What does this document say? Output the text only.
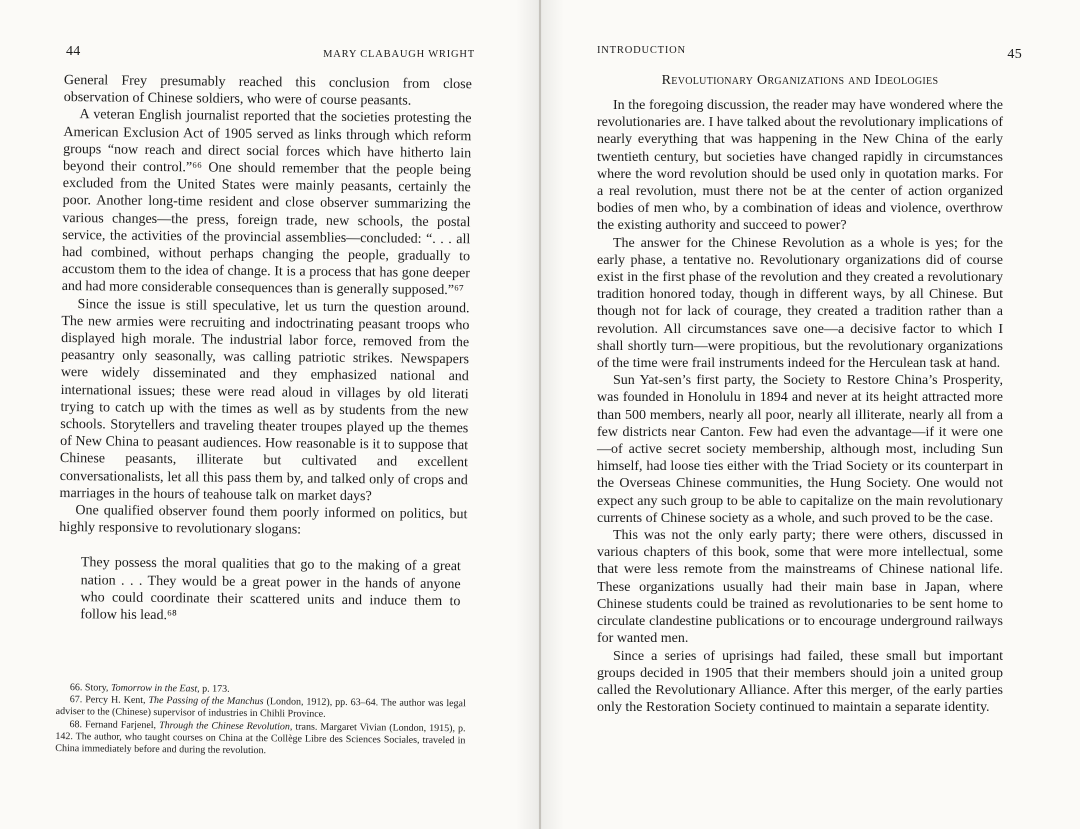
44	MARY CLABAUGH WRIGHT

General Frey presumably reached this conclusion from close observation of Chinese soldiers, who were of course peasants.

A veteran English journalist reported that the societies protesting the American Exclusion Act of 1905 served as links through which reform groups “now reach and direct social forces which have hitherto lain beyond their control.”⁶⁶ One should remember that the people being excluded from the United States were mainly peasants, certainly the poor. Another long-time resident and close observer summarizing the various changes—the press, foreign trade, new schools, the postal service, the activities of the provincial assemblies—concluded: “. . . all had combined, without perhaps changing the people, gradually to accustom them to the idea of change. It is a process that has gone deeper and had more considerable consequences than is generally supposed.”⁶⁷

Since the issue is still speculative, let us turn the question around. The new armies were recruiting and indoctrinating peasant troops who displayed high morale. The industrial labor force, removed from the peasantry only seasonally, was calling patriotic strikes. Newspapers were widely disseminated and they emphasized national and international issues; these were read aloud in villages by old literati trying to catch up with the times as well as by students from the new schools. Storytellers and traveling theater troupes played up the themes of New China to peasant audiences. How reasonable is it to suppose that Chinese peasants, illiterate but cultivated and excellent conversationalists, let all this pass them by, and talked only of crops and marriages in the hours of teahouse talk on market days?

One qualified observer found them poorly informed on politics, but highly responsive to revolutionary slogans:

They possess the moral qualities that go to the making of a great nation . . . They would be a great power in the hands of anyone who could coordinate their scattered units and induce them to follow his lead.⁶⁸

66. Story, Tomorrow in the East, p. 173.

67. Percy H. Kent, The Passing of the Manchus (London, 1912), pp. 63–64. The author was legal adviser to the (Chinese) supervisor of industries in Chihli Province.

68. Fernand Farjenel, Through the Chinese Revolution, trans. Margaret Vivian (London, 1915), p. 142. The author, who taught courses on China at the Collège Libre des Sciences Sociales, traveled in China immediately before and during the revolution.

INTRODUCTION	45
Revolutionary Organizations and Ideologies

In the foregoing discussion, the reader may have wondered where the revolutionaries are. I have talked about the revolutionary implications of nearly everything that was happening in the New China of the early twentieth century, but societies have changed rapidly in circumstances where the word revolution should be used only in quotation marks. For a real revolution, must there not be at the center of action organized bodies of men who, by a combination of ideas and violence, overthrow the existing authority and succeed to power?

The answer for the Chinese Revolution as a whole is yes; for the early phase, a tentative no. Revolutionary organizations did of course exist in the first phase of the revolution and they created a revolutionary tradition honored today, though in different ways, by all Chinese. But though not for lack of courage, they created a tradition rather than a revolution. All circumstances save one—a decisive factor to which I shall shortly turn—were propitious, but the revolutionary organizations of the time were frail instruments indeed for the Herculean task at hand.

Sun Yat-sen’s first party, the Society to Restore China’s Prosperity, was founded in Honolulu in 1894 and never at its height attracted more than 500 members, nearly all poor, nearly all illiterate, nearly all from a few districts near Canton. Few had even the advantage—if it were one—of active secret society membership, although most, including Sun himself, had loose ties either with the Triad Society or its counterpart in the Overseas Chinese communities, the Hung Society. One would not expect any such group to be able to capitalize on the main revolutionary currents of Chinese society as a whole, and such proved to be the case.

This was not the only early party; there were others, discussed in various chapters of this book, some that were more intellectual, some that were less remote from the mainstreams of Chinese national life. These organizations usually had their main base in Japan, where Chinese students could be trained as revolutionaries to be sent home to circulate clandestine publications or to encourage underground railways for wanted men.

Since a series of uprisings had failed, these small but important groups decided in 1905 that their members should join a united group called the Revolutionary Alliance. After this merger, of the early parties only the Restoration Society continued to maintain a separate identity.
